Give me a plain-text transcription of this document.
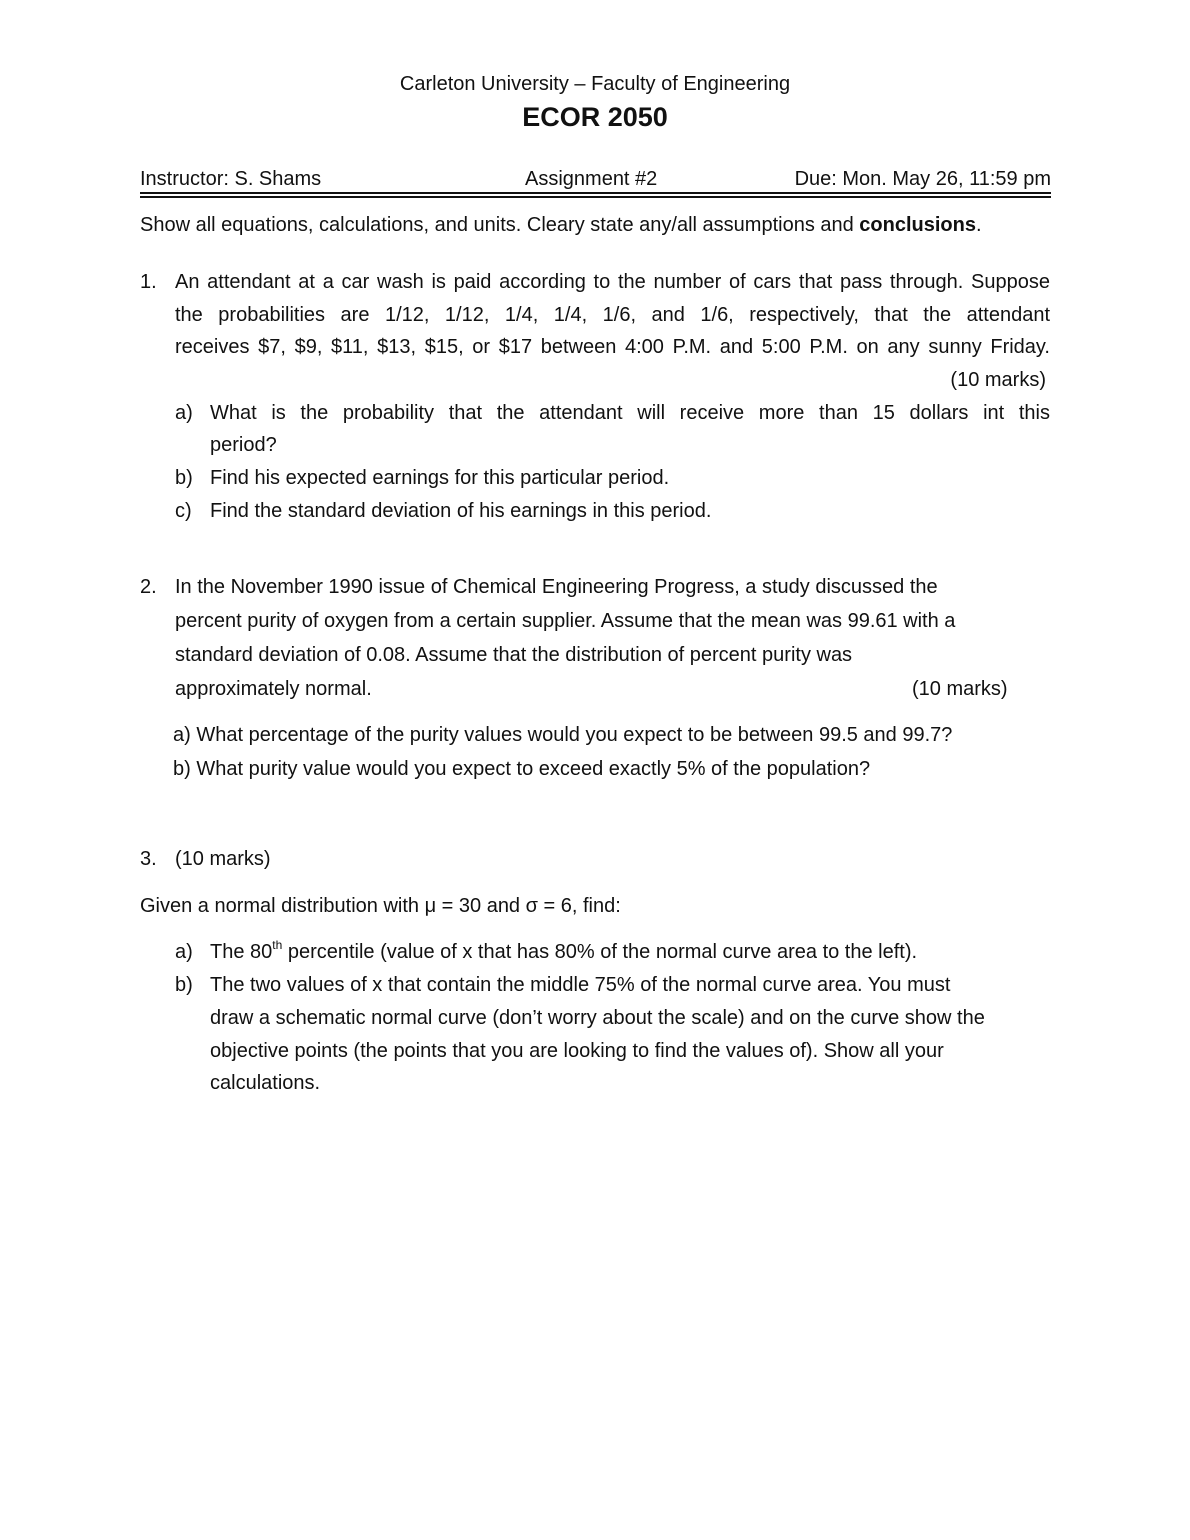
Carleton University – Faculty of Engineering
ECOR 2050
Instructor: S. Shams	Assignment #2	Due: Mon. May 26, 11:59 pm
Show all equations, calculations, and units. Cleary state any/all assumptions and conclusions.
1. An attendant at a car wash is paid according to the number of cars that pass through. Suppose
the probabilities are 1/12, 1/12, 1/4, 1/4, 1/6, and 1/6, respectively, that the attendant
receives $7, $9, $11, $13, $15, or $17 between 4:00 P.M. and 5:00 P.M. on any sunny Friday.
(10 marks)
a) What is the probability that the attendant will receive more than 15 dollars int this
period?
b) Find his expected earnings for this particular period.
c) Find the standard deviation of his earnings in this period.
2. In the November 1990 issue of Chemical Engineering Progress, a study discussed the
percent purity of oxygen from a certain supplier. Assume that the mean was 99.61 with a
standard deviation of 0.08. Assume that the distribution of percent purity was
approximately normal.	(10 marks)
a) What percentage of the purity values would you expect to be between 99.5 and 99.7?
b) What purity value would you expect to exceed exactly 5% of the population?
3. (10 marks)
Given a normal distribution with μ = 30 and σ = 6, find:
a) The 80th percentile (value of x that has 80% of the normal curve area to the left).
b) The two values of x that contain the middle 75% of the normal curve area. You must
draw a schematic normal curve (don’t worry about the scale) and on the curve show the
objective points (the points that you are looking to find the values of). Show all your
calculations.
